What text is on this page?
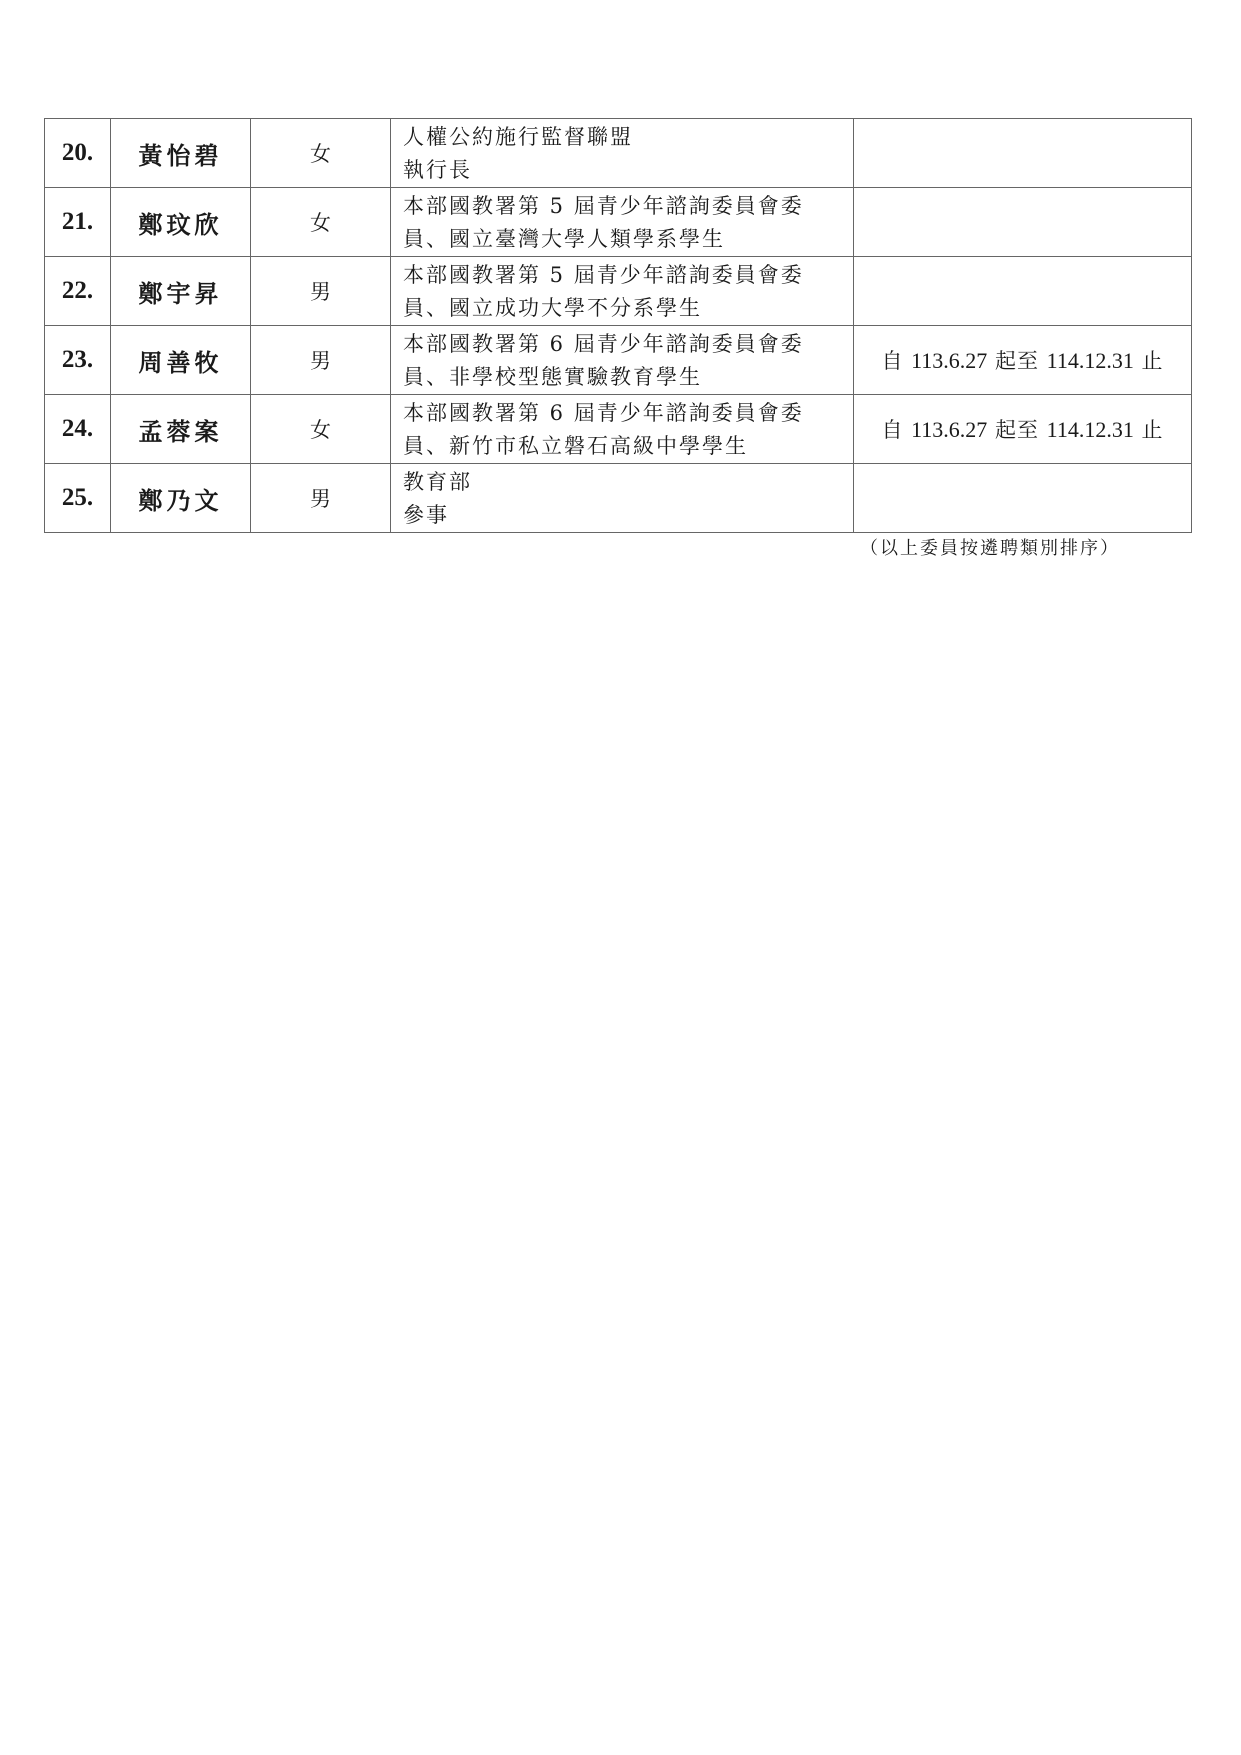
20.	黃怡碧	女	人權公約施行監督聯盟
執行長	

21.	鄭玟欣	女	本部國教署第 5 屆青少年諮詢委員會委
員、國立臺灣大學人類學系學生	

22.	鄭宇昇	男	本部國教署第 5 屆青少年諮詢委員會委
員、國立成功大學不分系學生	

23.	周善牧	男	本部國教署第 6 屆青少年諮詢委員會委
員、非學校型態實驗教育學生	自 113.6.27 起至 114.12.31 止
24.	孟蓉案	女	本部國教署第 6 屆青少年諮詢委員會委
員、新竹市私立磐石高級中學學生	自 113.6.27 起至 114.12.31 止
25.	鄭乃文	男	教育部
參事	

（以上委員按遴聘類別排序）
